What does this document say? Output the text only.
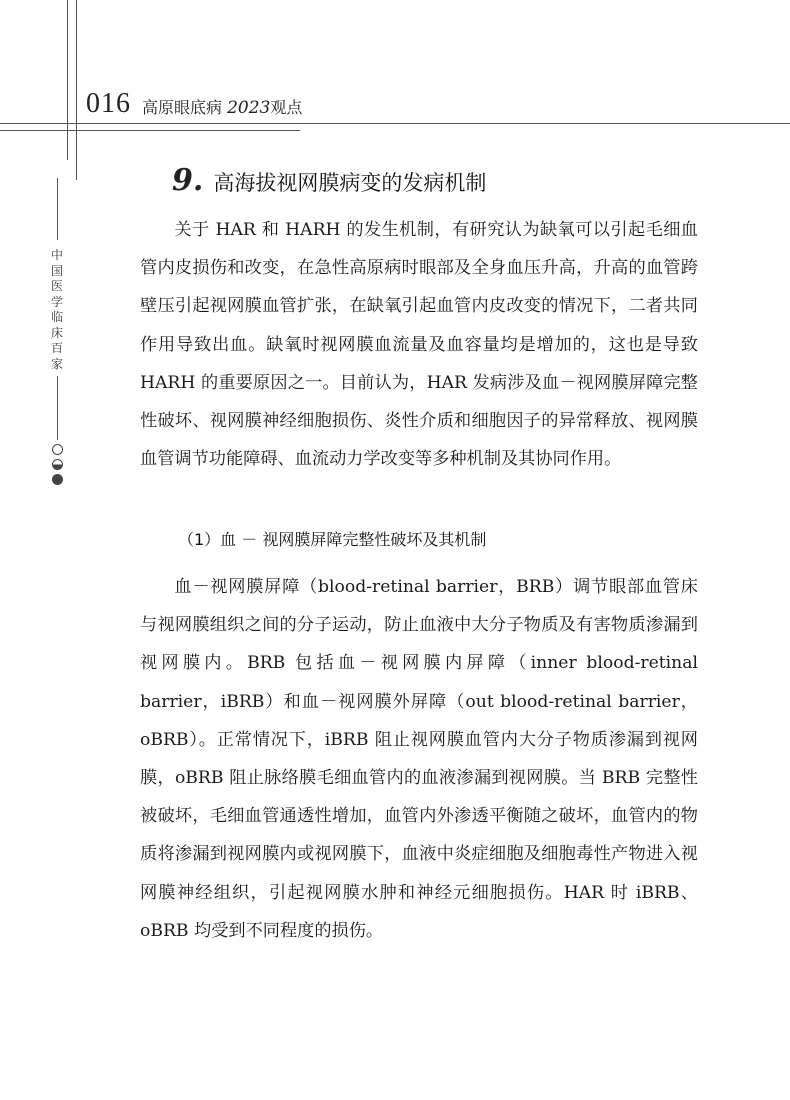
016 高原眼底病 2023观点
中国医学临床百家
9. 高海拔视网膜病变的发病机制

关于 HAR 和 HARH 的发生机制，有研究认为缺氧可以引起毛细血管内皮损伤和改变，在急性高原病时眼部及全身血压升高，升高的血管跨壁压引起视网膜血管扩张，在缺氧引起血管内皮改变的情况下，二者共同作用导致出血。缺氧时视网膜血流量及血容量均是增加的，这也是导致 HARH 的重要原因之一。目前认为，HAR 发病涉及血－视网膜屏障完整性破坏、视网膜神经细胞损伤、炎性介质和细胞因子的异常释放、视网膜血管调节功能障碍、血流动力学改变等多种机制及其协同作用。

（1）血 － 视网膜屏障完整性破坏及其机制

血－视网膜屏障（blood-retinal barrier，BRB）调节眼部血管床与视网膜组织之间的分子运动，防止血液中大分子物质及有害物质渗漏到视网膜内。BRB 包括血－视网膜内屏障（inner blood-retinal barrier，iBRB）和血－视网膜外屏障（out blood-retinal barrier，oBRB）。正常情况下，iBRB 阻止视网膜血管内大分子物质渗漏到视网膜，oBRB 阻止脉络膜毛细血管内的血液渗漏到视网膜。当 BRB 完整性被破坏，毛细血管通透性增加，血管内外渗透平衡随之破坏，血管内的物质将渗漏到视网膜内或视网膜下，血液中炎症细胞及细胞毒性产物进入视网膜神经组织，引起视网膜水肿和神经元细胞损伤。HAR 时 iBRB、oBRB 均受到不同程度的损伤。
